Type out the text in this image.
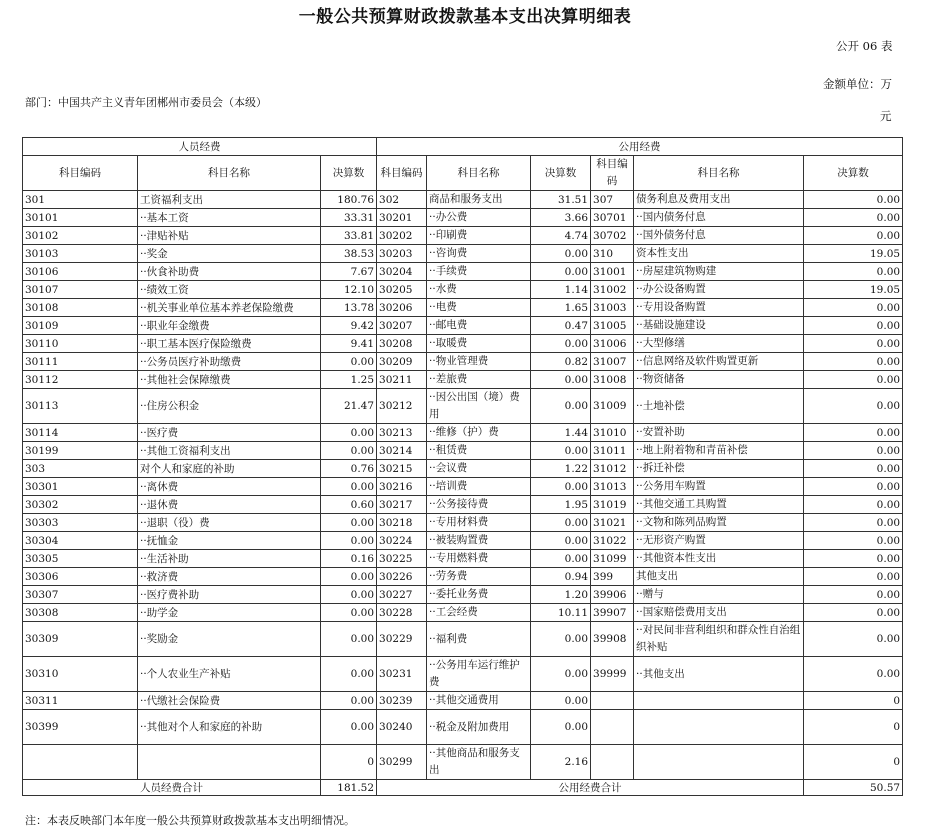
一般公共预算财政拨款基本支出决算明细表
公开 06 表
金额单位：万
元
部门：中国共产主义青年团郴州市委员会（本级）
人员经费			公用经费					
科目编码	科目名称	决算数	科目编码	科目名称	决算数	科目编码	科目名称	决算数
301	工资福利支出	180.76	302	商品和服务支出	31.51	307	债务利息及费用支出	0.00
30101	··基本工资	33.31	30201	··办公费	3.66	30701	··国内债务付息	0.00
30102	··津贴补贴	33.81	30202	··印刷费	4.74	30702	··国外债务付息	0.00
30103	··奖金	38.53	30203	··咨询费	0.00	310	资本性支出	19.05
30106	··伙食补助费	7.67	30204	··手续费	0.00	31001	··房屋建筑物购建	0.00
30107	··绩效工资	12.10	30205	··水费	1.14	31002	··办公设备购置	19.05
30108	··机关事业单位基本养老保险缴费	13.78	30206	··电费	1.65	31003	··专用设备购置	0.00
30109	··职业年金缴费	9.42	30207	··邮电费	0.47	31005	··基础设施建设	0.00
30110	··职工基本医疗保险缴费	9.41	30208	··取暖费	0.00	31006	··大型修缮	0.00
30111	··公务员医疗补助缴费	0.00	30209	··物业管理费	0.82	31007	··信息网络及软件购置更新	0.00
30112	··其他社会保障缴费	1.25	30211	··差旅费	0.00	31008	··物资储备	0.00
30113	··住房公积金	21.47	30212	··因公出国（境）费用	0.00	31009	··土地补偿	0.00
30114	··医疗费	0.00	30213	··维修（护）费	1.44	31010	··安置补助	0.00
30199	··其他工资福利支出	0.00	30214	··租赁费	0.00	31011	··地上附着物和青苗补偿	0.00
303	对个人和家庭的补助	0.76	30215	··会议费	1.22	31012	··拆迁补偿	0.00
30301	··离休费	0.00	30216	··培训费	0.00	31013	··公务用车购置	0.00
30302	··退休费	0.60	30217	··公务接待费	1.95	31019	··其他交通工具购置	0.00
30303	··退职（役）费	0.00	30218	··专用材料费	0.00	31021	··文物和陈列品购置	0.00
30304	··抚恤金	0.00	30224	··被装购置费	0.00	31022	··无形资产购置	0.00
30305	··生活补助	0.16	30225	··专用燃料费	0.00	31099	··其他资本性支出	0.00
30306	··救济费	0.00	30226	··劳务费	0.94	399	其他支出	0.00
30307	··医疗费补助	0.00	30227	··委托业务费	1.20	39906	··赠与	0.00
30308	··助学金	0.00	30228	··工会经费	10.11	39907	··国家赔偿费用支出	0.00
30309	··奖励金	0.00	30229	··福利费	0.00	39908	··对民间非营利组织和群众性自治组织补贴	0.00
30310	··个人农业生产补贴	0.00	30231	··公务用车运行维护费	0.00	39999	··其他支出	0.00
30311	··代缴社会保险费	0.00	30239	··其他交通费用	0.00			0
30399	··其他对个人和家庭的补助	0.00	30240	··税金及附加费用	0.00			0
		0	30299	··其他商品和服务支出	2.16			0
人员经费合计		181.52	公用经费合计					50.57
注：本表反映部门本年度一般公共预算财政拨款基本支出明细情况。
